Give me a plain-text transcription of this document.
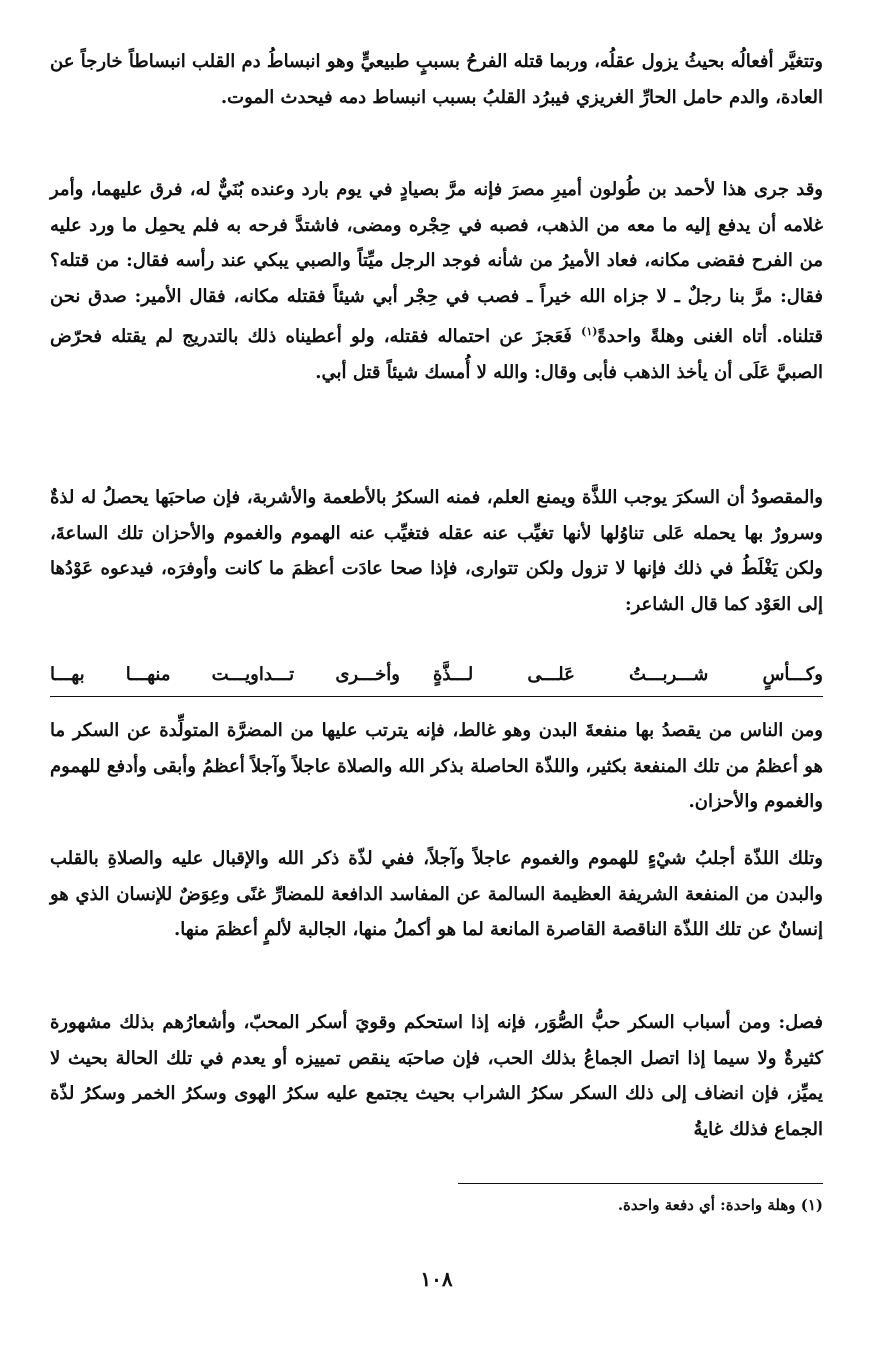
وتتغيَّر أفعالُه بحيثُ يزول عقلُه، وربما قتله الفرحُ بسببٍ طبيعيٍّ وهو انبساطُ دم القلب انبساطاً خارجاً عن العادة، والدم حامل الحارِّ الغريزي فيبرُد القلبُ بسبب انبساط دمه فيحدث الموت.

وقد جرى هذا لأحمد بن طُولون أميرِ مصرَ فإنه مرَّ بصيادٍ في يوم بارد وعنده بُنَيٌّ له، فرق عليهما، وأمر غلامه أن يدفع إليه ما معه من الذهب، فصبه في حِجْره ومضى، فاشتدَّ فرحه به فلم يحمِل ما ورد عليه من الفرح فقضى مكانه، فعاد الأميرُ من شأنه فوجد الرجل ميِّتاً والصبي يبكي عند رأسه فقال: من قتله؟ فقال: مرَّ بنا رجلٌ ـ لا جزاه الله خيراً ـ فصب في حِجْر أبي شيئاً فقتله مكانه، فقال الأمير: صدق نحن قتلناه. أتاه الغنى وهلةً واحدةً$^{(١)}$ فَعَجزَ عن احتماله فقتله، ولو أعطيناه ذلك بالتدريج لم يقتله فحرّض الصبيَّ عَلَى أن يأخذ الذهب فأبى وقال: والله لا أُمسك شيئاً قتل أبي.

والمقصودُ أن السكرَ يوجب اللذَّة ويمنع العلم، فمنه السكرُ بالأطعمة والأشربة، فإن صاحبَها يحصلُ له لذةٌ وسرورٌ بها يحمله عَلى تناوُلها لأنها تغيِّب عنه عقله فتغيِّب عنه الهموم والغموم والأحزان تلك الساعةَ، ولكن يَغْلَطُ في ذلك فإنها لا تزول ولكن تتوارى، فإذا صحا عادَت أعظمَ ما كانت وأوفرَه، فيدعوه عَوْدُها إلى العَوْد كما قال الشاعر:

وكـــأسٍ شـــربـــتُ عَلـــى لـــذَّةٍ
وأخـــرى تـــداويـــت منهـــا بهـــا

ومن الناس من يقصدُ بها منفعةَ البدن وهو غالط، فإنه يترتب عليها من المضرَّة المتولِّدة عن السكر ما هو أعظمُ من تلك المنفعة بكثير، واللذّة الحاصلة بذكر الله والصلاة عاجلاً وآجلاً أعظمُ وأبقى وأدفع للهموم والغموم والأحزان.

وتلك اللذّة أجلبُ شيْءٍ للهموم والغموم عاجلاً وآجلاً، ففي لذّة ذكر الله والإقبال عليه والصلاةِ بالقلب والبدن من المنفعة الشريفة العظيمة السالمة عن المفاسد الدافعة للمضارِّ غنًى وعِوَضٌ للإنسان الذي هو إنسانٌ عن تلك اللذّة الناقصة القاصرة المانعة لما هو أكملُ منها، الجالبة لألمٍ أعظمَ منها.

فصل: ومن أسباب السكر حبُّ الصُّوَر، فإنه إذا استحكم وقويَ أسكر المحبّ، وأشعارُهم بذلك مشهورة كثيرةٌ ولا سيما إذا اتصل الجماعُ بذلك الحب، فإن صاحبَه ينقص تمييزه أو يعدم في تلك الحالة بحيث لا يميِّز، فإن انضاف إلى ذلك السكر سكرُ الشراب بحيث يجتمع عليه سكرُ الهوى وسكرُ الخمر وسكرُ لذّة الجماع فذلك غايةُ

(١) وهلة واحدة: أي دفعة واحدة.
١٠٨
